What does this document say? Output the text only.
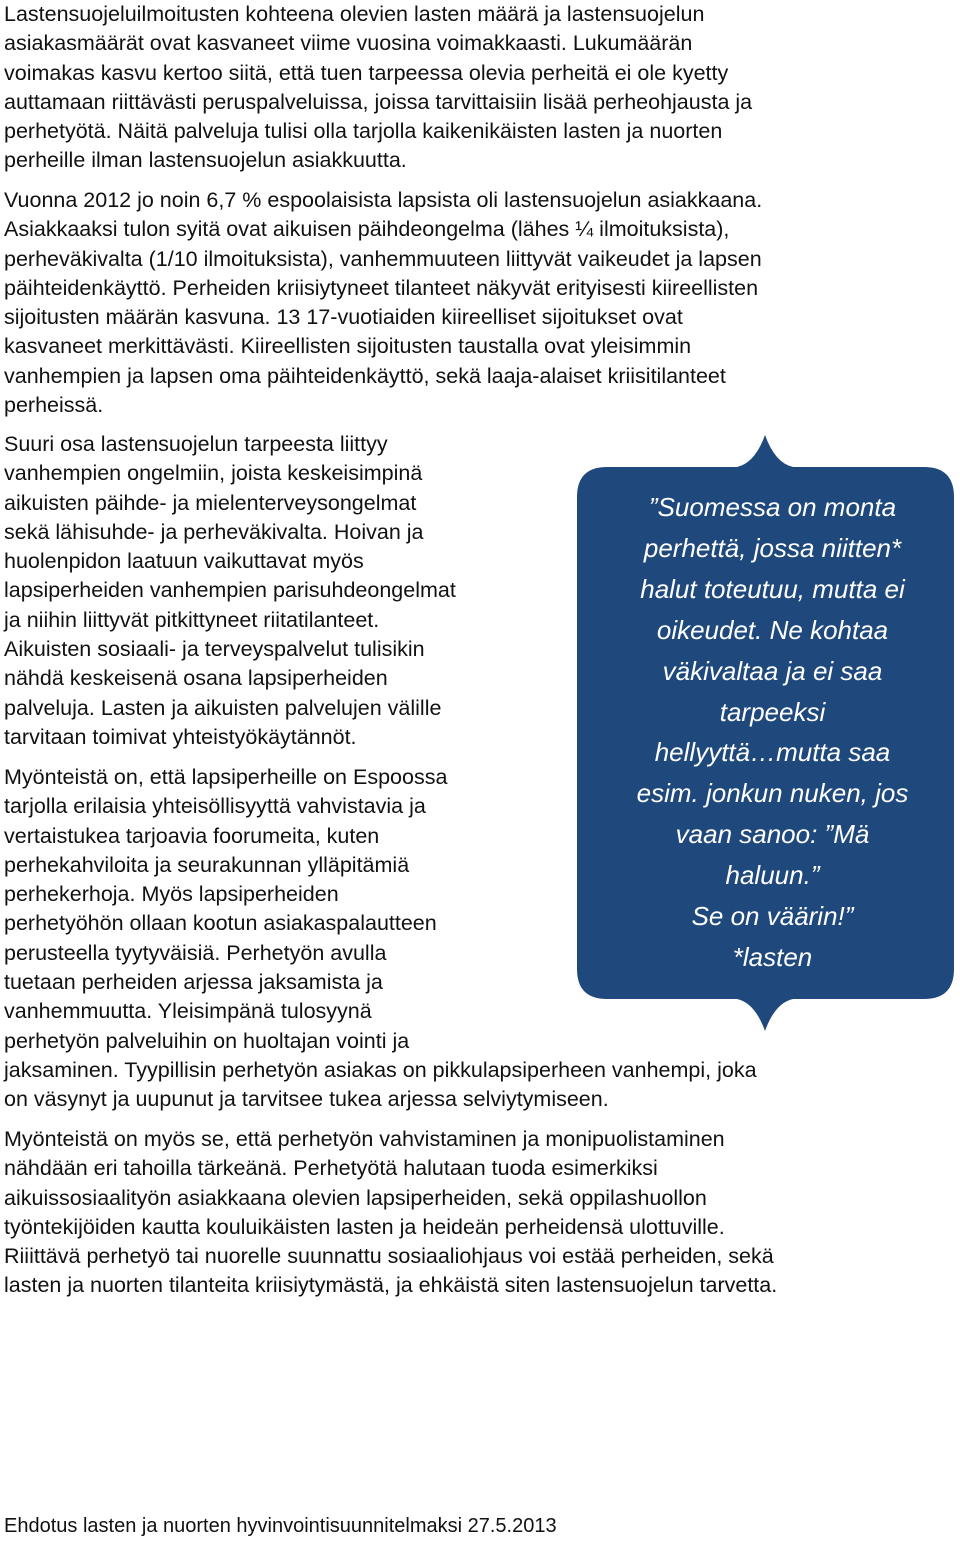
Lastensuojeluilmoitusten kohteena olevien lasten määrä ja lastensuojelun
asiakasmäärät ovat kasvaneet viime vuosina voimakkaasti. Lukumäärän
voimakas kasvu kertoo siitä, että tuen tarpeessa olevia perheitä ei ole kyetty
auttamaan riittävästi peruspalveluissa, joissa tarvittaisiin lisää perheohjausta ja
perhetyötä. Näitä palveluja tulisi olla tarjolla kaikenikäisten lasten ja nuorten
perheille ilman lastensuojelun asiakkuutta.

Vuonna 2012 jo noin 6,7 % espoolaisista lapsista oli lastensuojelun asiakkaana.
Asiakkaaksi tulon syitä ovat aikuisen päihdeongelma (lähes ¼ ilmoituksista),
perheväkivalta (1/10 ilmoituksista), vanhemmuuteen liittyvät vaikeudet ja lapsen
päihteidenkäyttö. Perheiden kriisiytyneet tilanteet näkyvät erityisesti kiireellisten
sijoitusten määrän kasvuna. 13 17-vuotiaiden kiireelliset sijoitukset ovat
kasvaneet merkittävästi. Kiireellisten sijoitusten taustalla ovat yleisimmin
vanhempien ja lapsen oma päihteidenkäyttö, sekä laaja-alaiset kriisitilanteet
perheissä.

Suuri osa lastensuojelun tarpeesta liittyy
vanhempien ongelmiin, joista keskeisimpinä
aikuisten päihde- ja mielenterveysongelmat
sekä lähisuhde- ja perheväkivalta. Hoivan ja
huolenpidon laatuun vaikuttavat myös
lapsiperheiden vanhempien parisuhdeongelmat
ja niihin liittyvät pitkittyneet riitatilanteet.
Aikuisten sosiaali- ja terveyspalvelut tulisikin
nähdä keskeisenä osana lapsiperheiden
palveluja. Lasten ja aikuisten palvelujen välille
tarvitaan toimivat yhteistyökäytännöt.

Myönteistä on, että lapsiperheille on Espoossa
tarjolla erilaisia yhteisöllisyyttä vahvistavia ja
vertaistukea tarjoavia foorumeita, kuten
perhekahviloita ja seurakunnan ylläpitämiä
perhekerhoja. Myös lapsiperheiden
perhetyöhön ollaan kootun asiakaspalautteen
perusteella tyytyväisiä. Perhetyön avulla
tuetaan perheiden arjessa jaksamista ja
vanhemmuutta. Yleisimpänä tulosyynä
perhetyön palveluihin on huoltajan vointi ja
jaksaminen. Tyypillisin perhetyön asiakas on pikkulapsiperheen vanhempi, joka
on väsynyt ja uupunut ja tarvitsee tukea arjessa selviytymiseen.

Myönteistä on myös se, että perhetyön vahvistaminen ja monipuolistaminen
nähdään eri tahoilla tärkeänä. Perhetyötä halutaan tuoda esimerkiksi
aikuissosiaalityön asiakkaana olevien lapsiperheiden, sekä oppilashuollon
työntekijöiden kautta kouluikäisten lasten ja heideän perheidensä ulottuville.
Riiittävä perhetyö tai nuorelle suunnattu sosiaaliohjaus voi estää perheiden, sekä
lasten ja nuorten tilanteita kriisiytymästä, ja ehkäistä siten lastensuojelun tarvetta.

”Suomessa on monta
perhettä, jossa niitten*
halut toteutuu, mutta ei
oikeudet. Ne kohtaa
väkivaltaa ja ei saa
tarpeeksi
hellyyttä…mutta saa
esim. jonkun nuken, jos
vaan sanoo: ”Mä
haluun.”
Se on väärin!”
*lasten

Ehdotus lasten ja nuorten hyvinvointisuunnitelmaksi 27.5.2013
